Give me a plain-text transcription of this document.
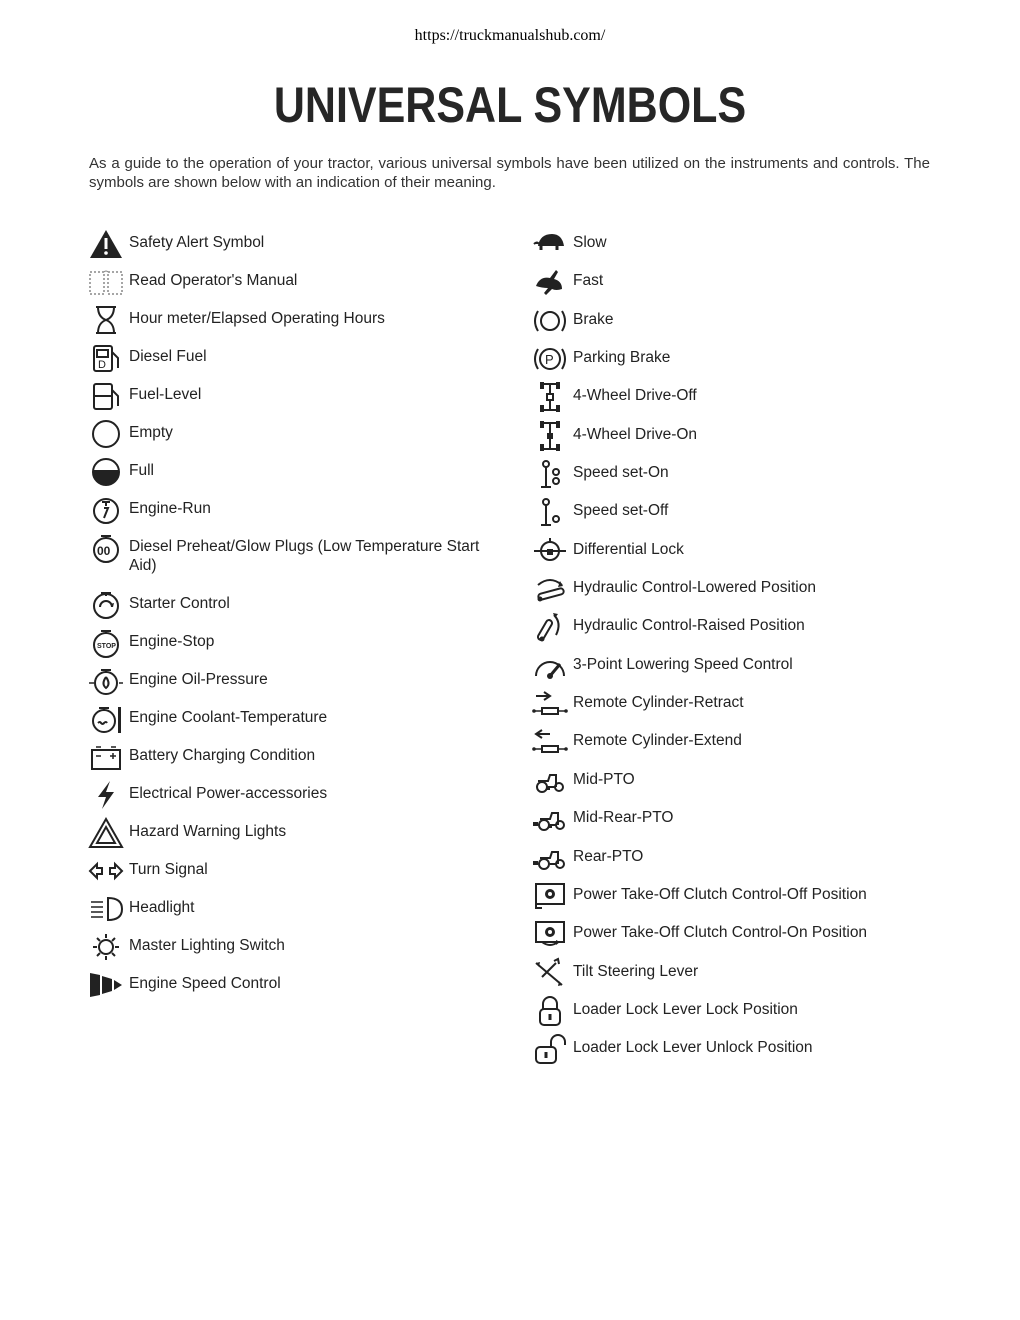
https://truckmanualshub.com/
UNIVERSAL SYMBOLS
As a guide to the operation of your tractor, various universal symbols have been utilized on the instruments and controls. The symbols are shown below with an indication of their meaning.
Safety Alert Symbol
Read Operator's Manual
Hour meter/Elapsed Operating Hours
D Diesel Fuel
Fuel-Level
Empty
Full
Engine-Run
00 Diesel Preheat/Glow Plugs (Low Temperature Start Aid)
Starter Control
STOP Engine-Stop
Engine Oil-Pressure
Engine Coolant-Temperature
Battery Charging Condition
Electrical Power-accessories
Hazard Warning Lights
Turn Signal
Headlight
Master Lighting Switch
Engine Speed Control
Slow
Fast
Brake
P Parking Brake
4-Wheel Drive-Off
4-Wheel Drive-On
Speed set-On
Speed set-Off
Differential Lock
Hydraulic Control-Lowered Position
Hydraulic Control-Raised Position
3-Point Lowering Speed Control
Remote Cylinder-Retract
Remote Cylinder-Extend
Mid-PTO
Mid-Rear-PTO
Rear-PTO
Power Take-Off Clutch Control-Off Position
Power Take-Off Clutch Control-On Position
Tilt Steering Lever
Loader Lock Lever Lock Position
Loader Lock Lever Unlock Position
